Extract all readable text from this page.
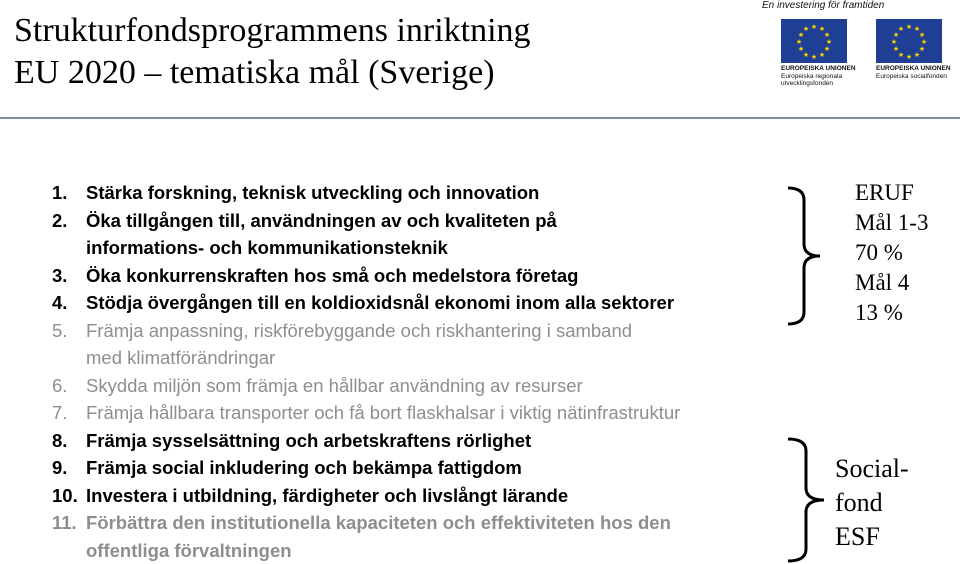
Strukturfondsprogrammens inriktning
EU 2020 – tematiska mål (Sverige)
En investering för framtiden
★ ★
★
★
★
★
★
★
★
★
★
★
EUROPEISKA UNIONEN
Europeiska regionala
utvecklingsfonden
★ ★
★
★
★
★
★
★
★
★
★
★
EUROPEISKA UNIONEN
Europeiska socialfonden
1. Stärka forskning, teknisk utveckling och innovation
2. Öka tillgången till, användningen av och kvaliteten på
informations- och kommunikationsteknik
3. Öka konkurrenskraften hos små och medelstora företag
4. Stödja övergången till en koldioxidsnål ekonomi inom alla sektorer
5. Främja anpassning, riskförebyggande och riskhantering i samband
med klimatförändringar
6. Skydda miljön som främja en hållbar användning av resurser
7. Främja hållbara transporter och få bort flaskhalsar i viktig nätinfrastruktur
8. Främja sysselsättning och arbetskraftens rörlighet
9. Främja social inkludering och bekämpa fattigdom
10. Investera i utbildning, färdigheter och livslångt lärande
11. Förbättra den institutionella kapaciteten och effektiviteten hos den
offentliga förvaltningen
ERUF
Mål 1-3
70 %
Mål 4
13 %
Social-
fond
ESF
